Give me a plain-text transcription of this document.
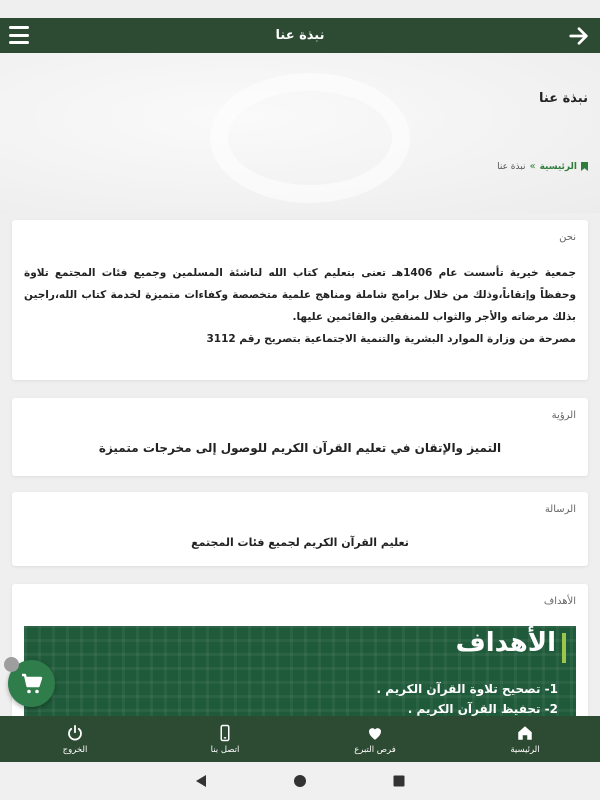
نبذة عنا
نبذة عنا
الرئيسية
»
نبذة عنا
نحن
جمعية خيرية تأسست عام 1406هـ تعنى بتعليم كتاب الله لناشئة المسلمين وجميع فئات المجتمع تلاوة وحفظاً وإتقاناً،وذلك من خلال برامج شاملة ومناهج علمية متخصصة وكفاءات متميزة لخدمة كتاب الله،راجين بذلك مرضاته والأجر والثواب للمنفقين والقائمين عليها.
مصرحة من وزارة الموارد البشرية والتنمية الاجتماعية بتصريح رقم 3112
الرؤية
التميز والإتقان في تعليم القرآن الكريم للوصول إلى مخرجات متميزة
الرسالة
تعليم القرآن الكريم لجميع فئات المجتمع
الأهداف
الأهداف
1- تصحيح تلاوة القرآن الكريم .
2- تحفيظ القرآن الكريم .
الرئيسية
فرص التبرع
اتصل بنا
الخروج
